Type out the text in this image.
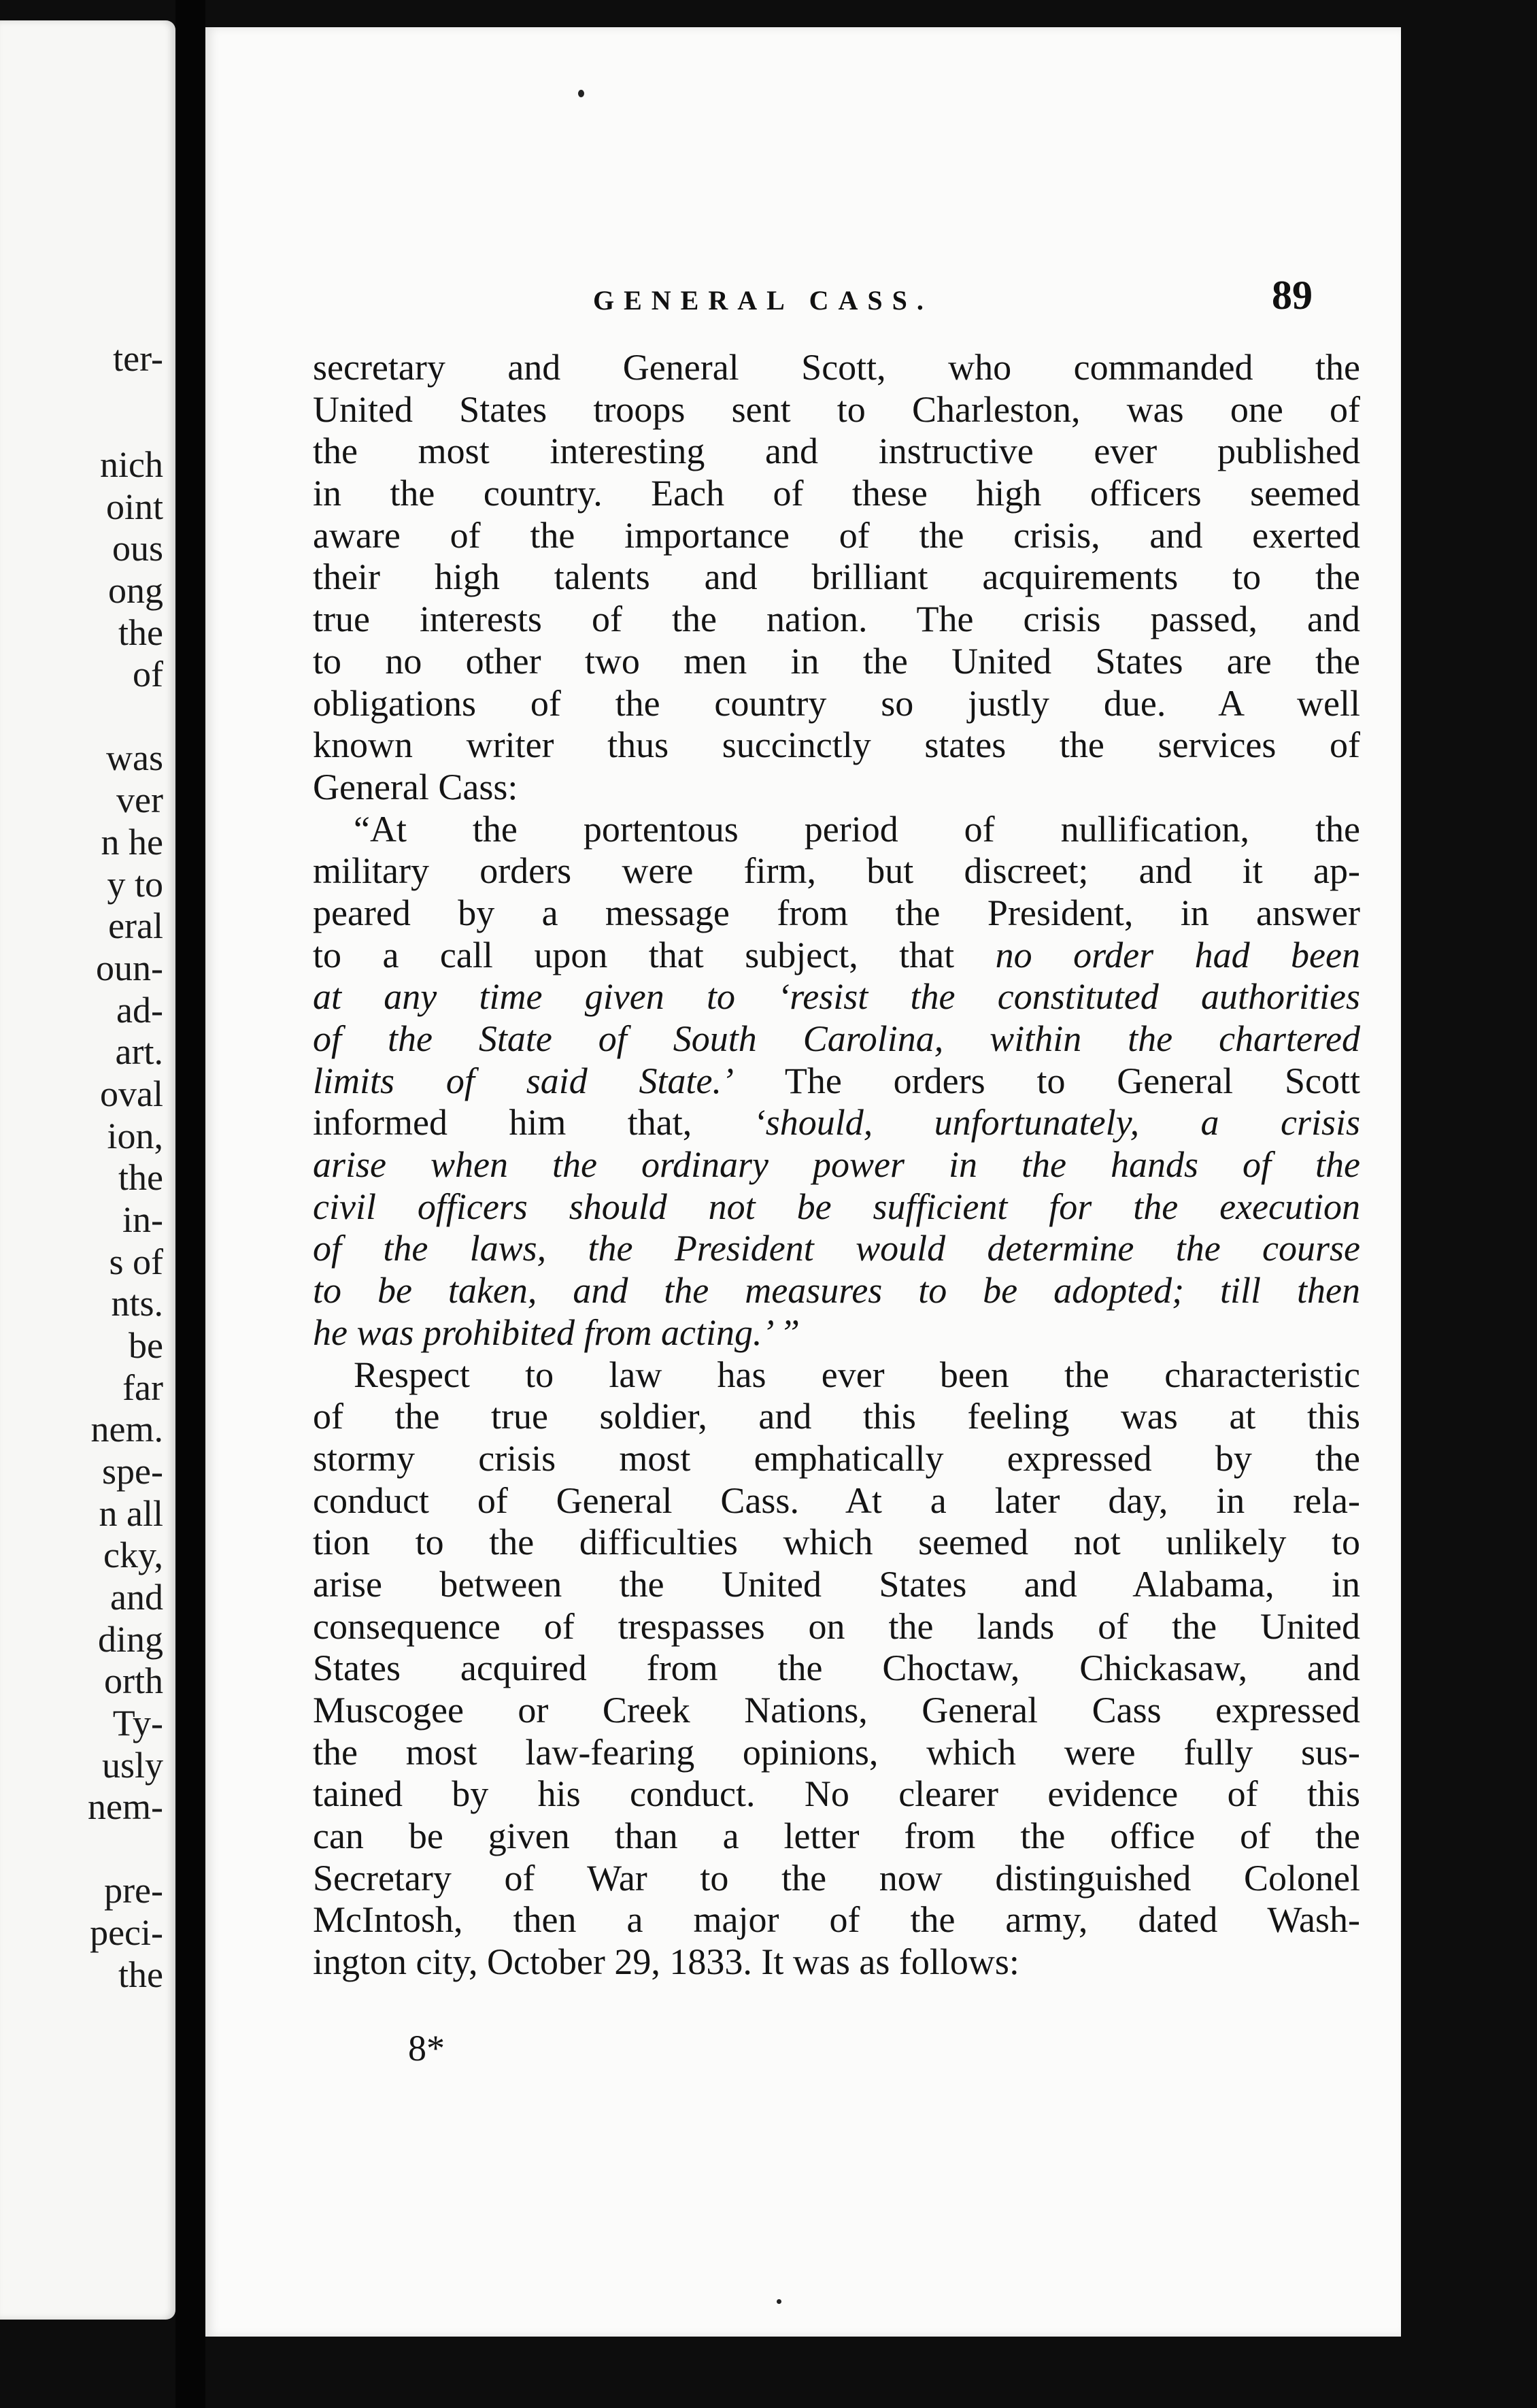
ter-
nich
oint
ous
ong
the
of
was
ver
n he
y to
eral
oun-
ad-
art.
oval
ion,
the
in-
s of
nts.
be
far
nem.
spe-
n all
cky,
and
ding
orth
Ty-
usly
nem-
pre-
peci-
the
GENERAL CASS.	89
secretary and General Scott, who commanded the
United States troops sent to Charleston, was one of
the most interesting and instructive ever published
in the country. Each of these high officers seemed
aware of the importance of the crisis, and exerted
their high talents and brilliant acquirements to the
true interests of the nation. The crisis passed, and
to no other two men in the United States are the
obligations of the country so justly due. A well
known writer thus succinctly states the services of
General Cass:
“At the portentous period of nullification, the
military orders were firm, but discreet; and it ap-
peared by a message from the President, in answer
to a call upon that subject, that no order had been
at any time given to ‘resist the constituted authorities
of the State of South Carolina, within the chartered
limits of said State.’ The orders to General Scott
informed him that, ‘should, unfortunately, a crisis
arise when the ordinary power in the hands of the
civil officers should not be sufficient for the execution
of the laws, the President would determine the course
to be taken, and the measures to be adopted; till then
he was prohibited from acting.’ ”
Respect to law has ever been the characteristic
of the true soldier, and this feeling was at this
stormy crisis most emphatically expressed by the
conduct of General Cass. At a later day, in rela-
tion to the difficulties which seemed not unlikely to
arise between the United States and Alabama, in
consequence of trespasses on the lands of the United
States acquired from the Choctaw, Chickasaw, and
Muscogee or Creek Nations, General Cass expressed
the most law-fearing opinions, which were fully sus-
tained by his conduct. No clearer evidence of this
can be given than a letter from the office of the
Secretary of War to the now distinguished Colonel
McIntosh, then a major of the army, dated Wash-
ington city, October 29, 1833. It was as follows:
8*
